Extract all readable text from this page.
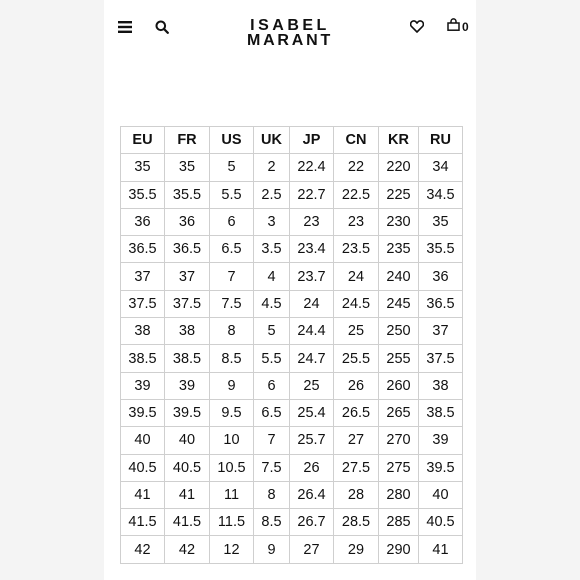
ISABEL
MARANT
0
EU	FR	US	UK	JP	CN	KR	RU
35	35	5	2	22.4	22	220	34
35.5	35.5	5.5	2.5	22.7	22.5	225	34.5
36	36	6	3	23	23	230	35
36.5	36.5	6.5	3.5	23.4	23.5	235	35.5
37	37	7	4	23.7	24	240	36
37.5	37.5	7.5	4.5	24	24.5	245	36.5
38	38	8	5	24.4	25	250	37
38.5	38.5	8.5	5.5	24.7	25.5	255	37.5
39	39	9	6	25	26	260	38
39.5	39.5	9.5	6.5	25.4	26.5	265	38.5
40	40	10	7	25.7	27	270	39
40.5	40.5	10.5	7.5	26	27.5	275	39.5
41	41	11	8	26.4	28	280	40
41.5	41.5	11.5	8.5	26.7	28.5	285	40.5
42	42	12	9	27	29	290	41
